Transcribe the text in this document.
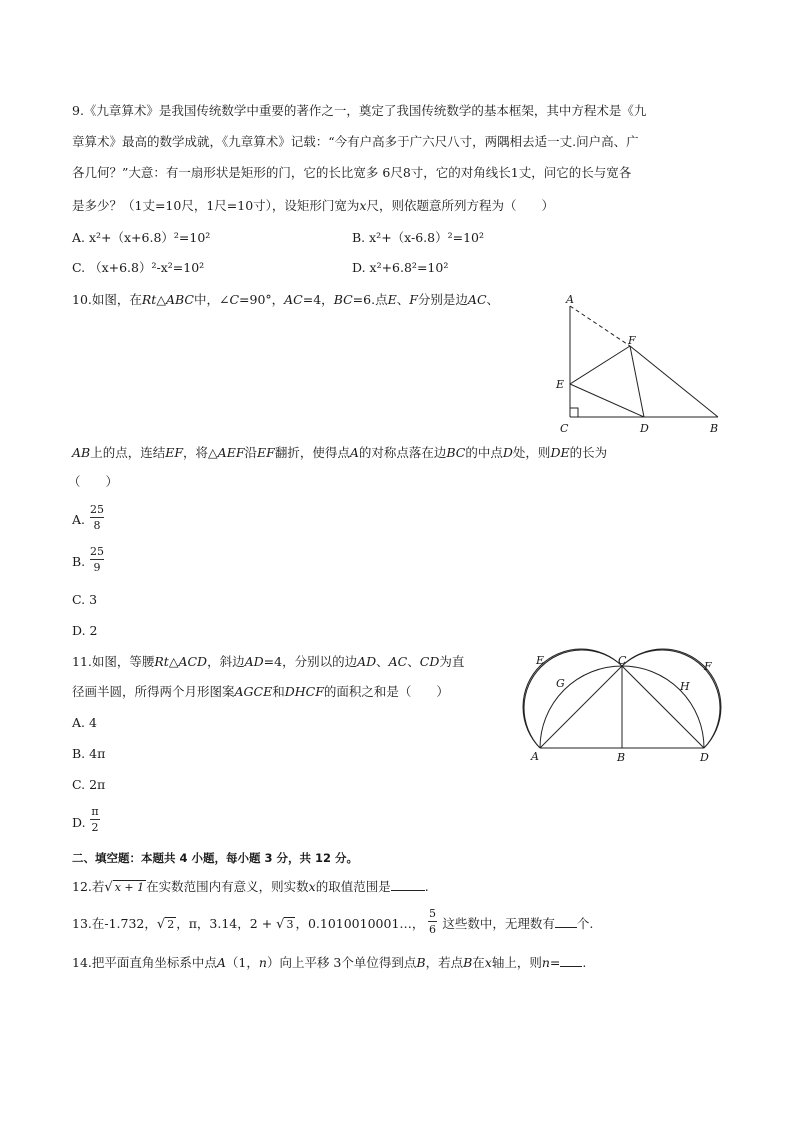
9.《九章算术》是我国传统数学中重要的著作之一，奠定了我国传统数学的基本框架，其中方程术是《九
章算术》最高的数学成就，《九章算术》记载：“今有户高多于广六尺八寸，两隅相去适一丈.问户高、广
各几何？”大意：有一扇形状是矩形的门，它的长比宽多 6尺8寸，它的对角线长1丈，问它的长与宽各
是多少？（1丈=10尺，1尺=10寸），设矩形门宽为x尺，则依题意所列方程为（　　）
A. x²+（x+6.8）²=10²	B. x²+（x-6.8）²=10²
C. （x+6.8）²-x²=10²	D. x²+6.8²=10²
10.如图，在Rt△ABC中，∠C=90°，AC=4，BC=6.点E、F分别是边AC、	A
F
E
C	D	B
AB上的点，连结EF，将△AEF沿EF翻折，使得点A的对称点落在边BC的中点D处，则DE的长为
（　　）
A.
25
8
B.
25
9
C. 3
D. 2
11.如图，等腰Rt△ACD，斜边AD=4，分别以的边AD、AC、CD为直
径画半圆，所得两个月形图案AGCE和DHCF的面积之和是（　　）
E	C	F
G	H
A	B	D
A. 4
B. 4π
C. 2π
D.
π
2
二、填空题：本题共 4 小题，每小题 3 分，共 12 分。
12.若√ x + 1 在实数范围内有意义，则实数x的取值范围是	.
13.在-1.732，√ 2 ，π，3.14̇，2 + √ 3 ，0.1010010001…， 这些数中，无理数有 个.
5
6
14.把平面直角坐标系中点A（1，n）向上平移 3个单位得到点B，若点B在x轴上，则n= .
